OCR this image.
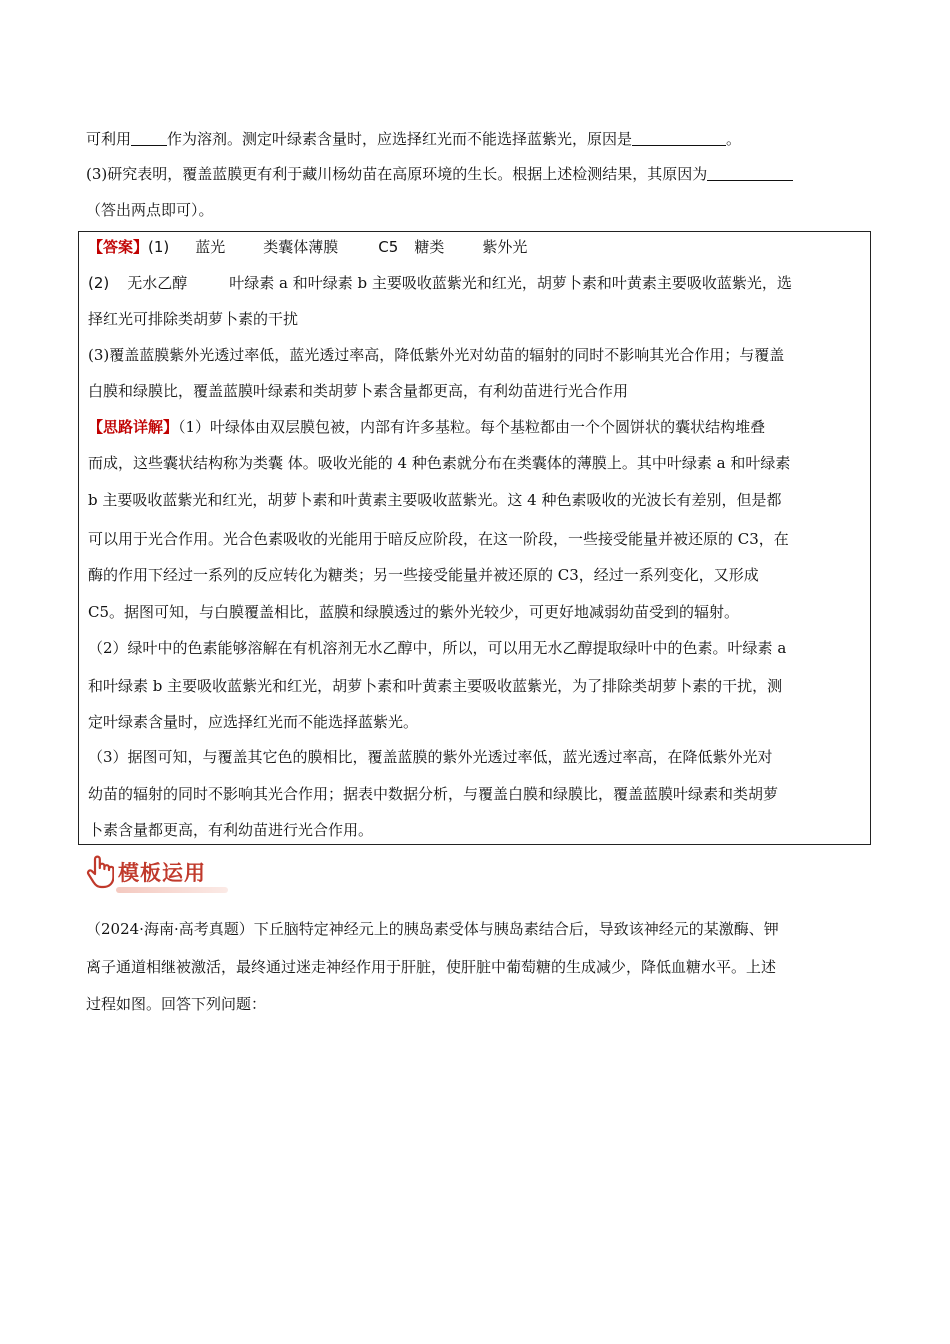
可利用 作为溶剂。测定叶绿素含量时，应选择红光而不能选择蓝紫光，原因是	。
(3)研究表明，覆盖蓝膜更有利于藏川杨幼苗在高原环境的生长。根据上述检测结果，其原因为
（答出两点即可）。
【答案】(1) 蓝光	类囊体薄膜	C5 糖类	紫外光
(2) 无水乙醇	叶绿素 a 和叶绿素 b 主要吸收蓝紫光和红光，胡萝卜素和叶黄素主要吸收蓝紫光，选
择红光可排除类胡萝卜素的干扰
(3)覆盖蓝膜紫外光透过率低，蓝光透过率高，降低紫外光对幼苗的辐射的同时不影响其光合作用；与覆盖
白膜和绿膜比，覆盖蓝膜叶绿素和类胡萝卜素含量都更高，有利幼苗进行光合作用
【思路详解】（1）叶绿体由双层膜包被，内部有许多基粒。每个基粒都由一个个圆饼状的囊状结构堆叠
而成，这些囊状结构称为类囊 体。吸收光能的 4 种色素就分布在类囊体的薄膜上。其中叶绿素 a 和叶绿素
b 主要吸收蓝紫光和红光，胡萝卜素和叶黄素主要吸收蓝紫光。这 4 种色素吸收的光波长有差别，但是都
可以用于光合作用。光合色素吸收的光能用于暗反应阶段，在这一阶段，一些接受能量并被还原的 C3，在
酶的作用下经过一系列的反应转化为糖类；另一些接受能量并被还原的 C3，经过一系列变化，又形成
C5。据图可知，与白膜覆盖相比，蓝膜和绿膜透过的紫外光较少，可更好地减弱幼苗受到的辐射。
（2）绿叶中的色素能够溶解在有机溶剂无水乙醇中，所以，可以用无水乙醇提取绿叶中的色素。叶绿素 a
和叶绿素 b 主要吸收蓝紫光和红光，胡萝卜素和叶黄素主要吸收蓝紫光，为了排除类胡萝卜素的干扰，测
定叶绿素含量时，应选择红光而不能选择蓝紫光。
（3）据图可知，与覆盖其它色的膜相比，覆盖蓝膜的紫外光透过率低，蓝光透过率高，在降低紫外光对
幼苗的辐射的同时不影响其光合作用；据表中数据分析，与覆盖白膜和绿膜比，覆盖蓝膜叶绿素和类胡萝
卜素含量都更高，有利幼苗进行光合作用。
模板运用
（2024·海南·高考真题）下丘脑特定神经元上的胰岛素受体与胰岛素结合后，导致该神经元的某激酶、钾
离子通道相继被激活，最终通过迷走神经作用于肝脏，使肝脏中葡萄糖的生成减少，降低血糖水平。上述
过程如图。回答下列问题：
